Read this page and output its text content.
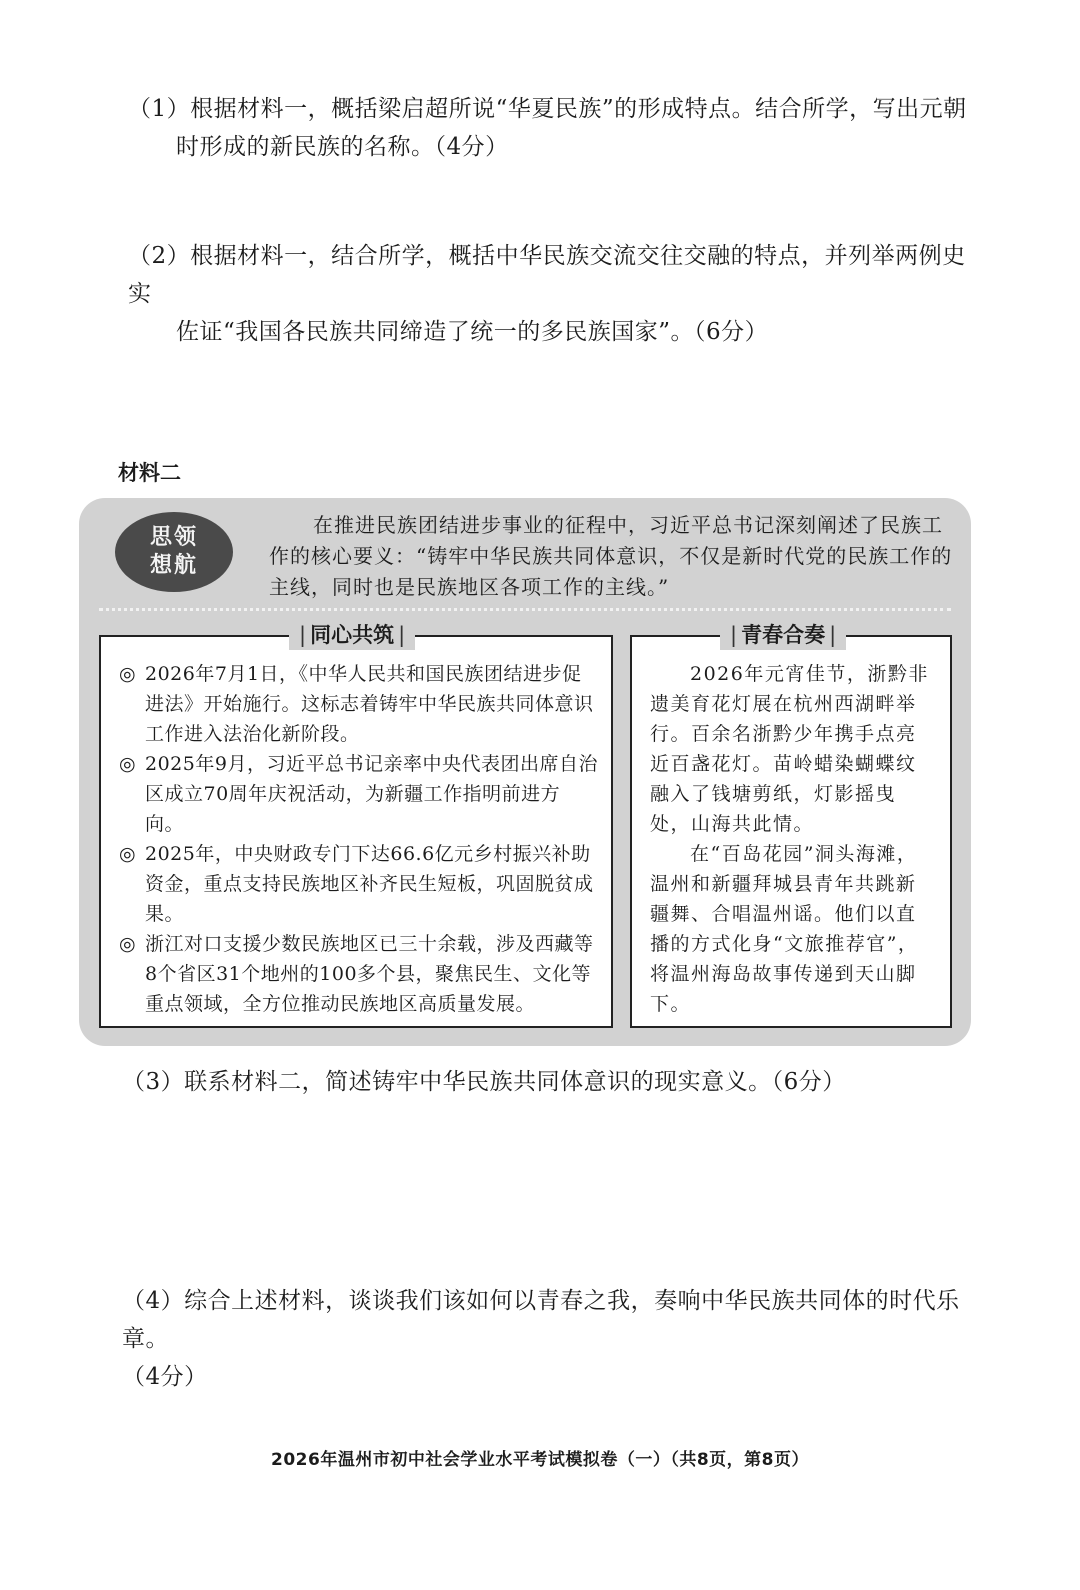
（1）根据材料一，概括梁启超所说“华夏民族”的形成特点。结合所学，写出元朝
时形成的新民族的名称。（4分）
（2）根据材料一，结合所学，概括中华民族交流交往交融的特点，并列举两例史实
佐证“我国各民族共同缔造了统一的多民族国家”。（6分）
材料二
思领
想航
在推进民族团结进步事业的征程中，习近平总书记深刻阐述了民族工作的核心要义：“铸牢中华民族共同体意识，不仅是新时代党的民族工作的主线，同时也是民族地区各项工作的主线。”
| 同心共筑 |
◎ 2026年7月1日，《中华人民共和国民族团结进步促进法》开始施行。这标志着铸牢中华民族共同体意识工作进入法治化新阶段。
◎ 2025年9月，习近平总书记亲率中央代表团出席自治区成立70周年庆祝活动，为新疆工作指明前进方向。
◎ 2025年，中央财政专门下达66.6亿元乡村振兴补助资金，重点支持民族地区补齐民生短板，巩固脱贫成果。
◎ 浙江对口支援少数民族地区已三十余载，涉及西藏等8个省区31个地州的100多个县，聚焦民生、文化等重点领域，全方位推动民族地区高质量发展。
| 青春合奏 |

2026年元宵佳节，浙黔非遗美育花灯展在杭州西湖畔举行。百余名浙黔少年携手点亮近百盏花灯。苗岭蜡染蝴蝶纹融入了钱塘剪纸，灯影摇曳处，山海共此情。

在“百岛花园”洞头海滩，温州和新疆拜城县青年共跳新疆舞、合唱温州谣。他们以直播的方式化身“文旅推荐官”，将温州海岛故事传递到天山脚下。

（3）联系材料二，简述铸牢中华民族共同体意识的现实意义。（6分）
（4）综合上述材料，谈谈我们该如何以青春之我，奏响中华民族共同体的时代乐章。
（4分）
2026年温州市初中社会学业水平考试模拟卷（一）（共8页，第8页）
